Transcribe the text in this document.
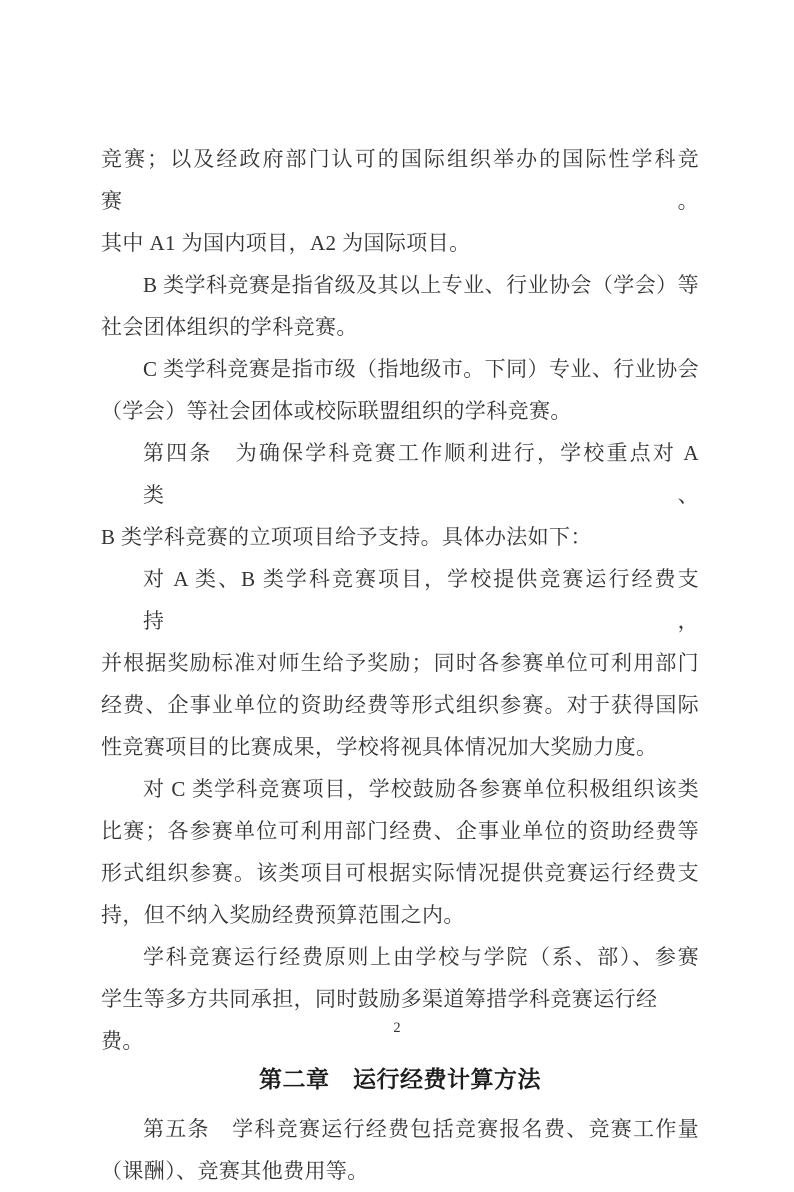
竞赛；以及经政府部门认可的国际组织举办的国际性学科竞赛。
其中 A1 为国内项目，A2 为国际项目。
B 类学科竞赛是指省级及其以上专业、行业协会（学会）等
社会团体组织的学科竞赛。
C 类学科竞赛是指市级（指地级市。下同）专业、行业协会
（学会）等社会团体或校际联盟组织的学科竞赛。
第四条　为确保学科竞赛工作顺利进行，学校重点对 A 类、
B 类学科竞赛的立项项目给予支持。具体办法如下：
对 A 类、B 类学科竞赛项目，学校提供竞赛运行经费支持，
并根据奖励标准对师生给予奖励；同时各参赛单位可利用部门
经费、企事业单位的资助经费等形式组织参赛。对于获得国际
性竞赛项目的比赛成果，学校将视具体情况加大奖励力度。
对 C 类学科竞赛项目，学校鼓励各参赛单位积极组织该类
比赛；各参赛单位可利用部门经费、企事业单位的资助经费等
形式组织参赛。该类项目可根据实际情况提供竞赛运行经费支
持，但不纳入奖励经费预算范围之内。
学科竞赛运行经费原则上由学校与学院（系、部）、参赛
学生等多方共同承担，同时鼓励多渠道筹措学科竞赛运行经费。
第二章　运行经费计算方法
第五条　学科竞赛运行经费包括竞赛报名费、竞赛工作量
（课酬）、竞赛其他费用等。
2
